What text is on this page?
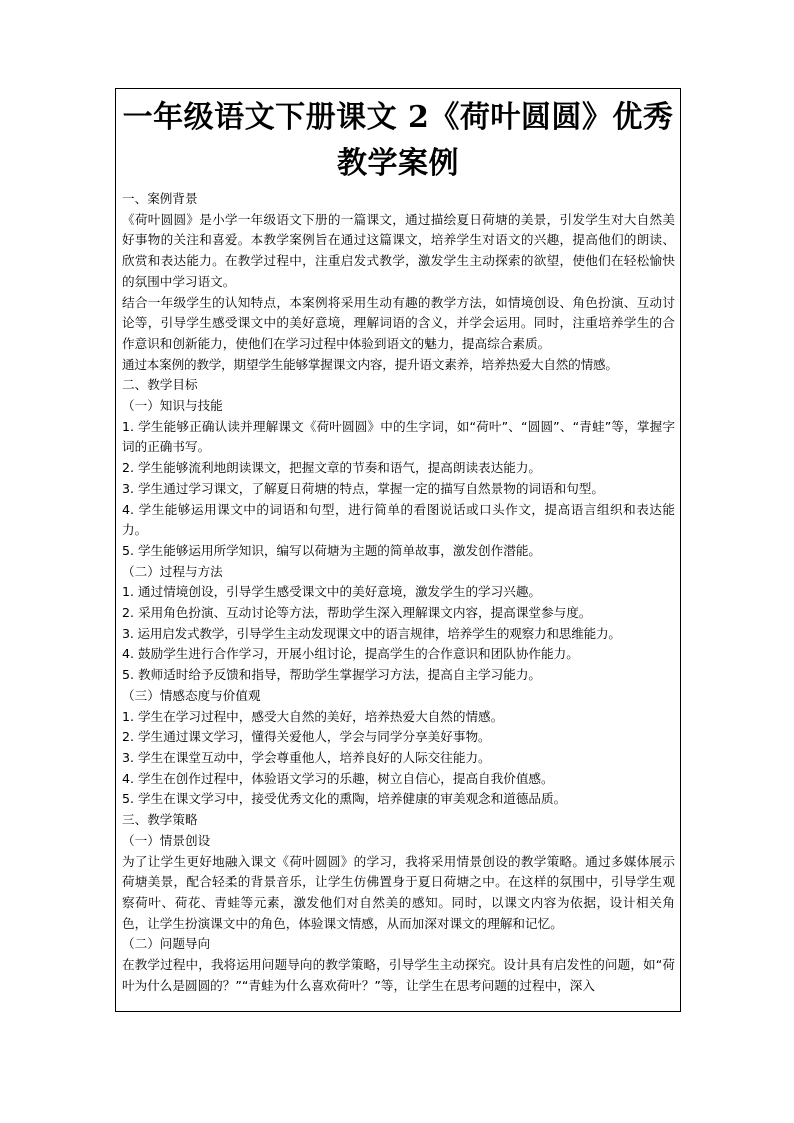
一年级语文下册课文 2《荷叶圆圆》优秀教学案例
一、案例背景
《荷叶圆圆》是小学一年级语文下册的一篇课文，通过描绘夏日荷塘的美景，引发学生对大自然美好事物的关注和喜爱。本教学案例旨在通过这篇课文，培养学生对语文的兴趣，提高他们的朗读、欣赏和表达能力。在教学过程中，注重启发式教学，激发学生主动探索的欲望，使他们在轻松愉快的氛围中学习语文。
结合一年级学生的认知特点，本案例将采用生动有趣的教学方法，如情境创设、角色扮演、互动讨论等，引导学生感受课文中的美好意境，理解词语的含义，并学会运用。同时，注重培养学生的合作意识和创新能力，使他们在学习过程中体验到语文的魅力，提高综合素质。
通过本案例的教学，期望学生能够掌握课文内容，提升语文素养，培养热爱大自然的情感。
二、教学目标
（一）知识与技能
1. 学生能够正确认读并理解课文《荷叶圆圆》中的生字词，如“荷叶”、“圆圆”、“青蛙”等，掌握字词的正确书写。
2. 学生能够流利地朗读课文，把握文章的节奏和语气，提高朗读表达能力。
3. 学生通过学习课文，了解夏日荷塘的特点，掌握一定的描写自然景物的词语和句型。
4. 学生能够运用课文中的词语和句型，进行简单的看图说话或口头作文，提高语言组织和表达能力。
5. 学生能够运用所学知识，编写以荷塘为主题的简单故事，激发创作潜能。
（二）过程与方法
1. 通过情境创设，引导学生感受课文中的美好意境，激发学生的学习兴趣。
2. 采用角色扮演、互动讨论等方法，帮助学生深入理解课文内容，提高课堂参与度。
3. 运用启发式教学，引导学生主动发现课文中的语言规律，培养学生的观察力和思维能力。
4. 鼓励学生进行合作学习，开展小组讨论，提高学生的合作意识和团队协作能力。
5. 教师适时给予反馈和指导，帮助学生掌握学习方法，提高自主学习能力。
（三）情感态度与价值观
1. 学生在学习过程中，感受大自然的美好，培养热爱大自然的情感。
2. 学生通过课文学习，懂得关爱他人，学会与同学分享美好事物。
3. 学生在课堂互动中，学会尊重他人，培养良好的人际交往能力。
4. 学生在创作过程中，体验语文学习的乐趣，树立自信心，提高自我价值感。
5. 学生在课文学习中，接受优秀文化的熏陶，培养健康的审美观念和道德品质。
三、教学策略
（一）情景创设
为了让学生更好地融入课文《荷叶圆圆》的学习，我将采用情景创设的教学策略。通过多媒体展示荷塘美景，配合轻柔的背景音乐，让学生仿佛置身于夏日荷塘之中。在这样的氛围中，引导学生观察荷叶、荷花、青蛙等元素，激发他们对自然美的感知。同时，以课文内容为依据，设计相关角色，让学生扮演课文中的角色，体验课文情感，从而加深对课文的理解和记忆。
（二）问题导向
在教学过程中，我将运用问题导向的教学策略，引导学生主动探究。设计具有启发性的问题，如“荷叶为什么是圆圆的？”“青蛙为什么喜欢荷叶？”等，让学生在思考问题的过程中，深入
